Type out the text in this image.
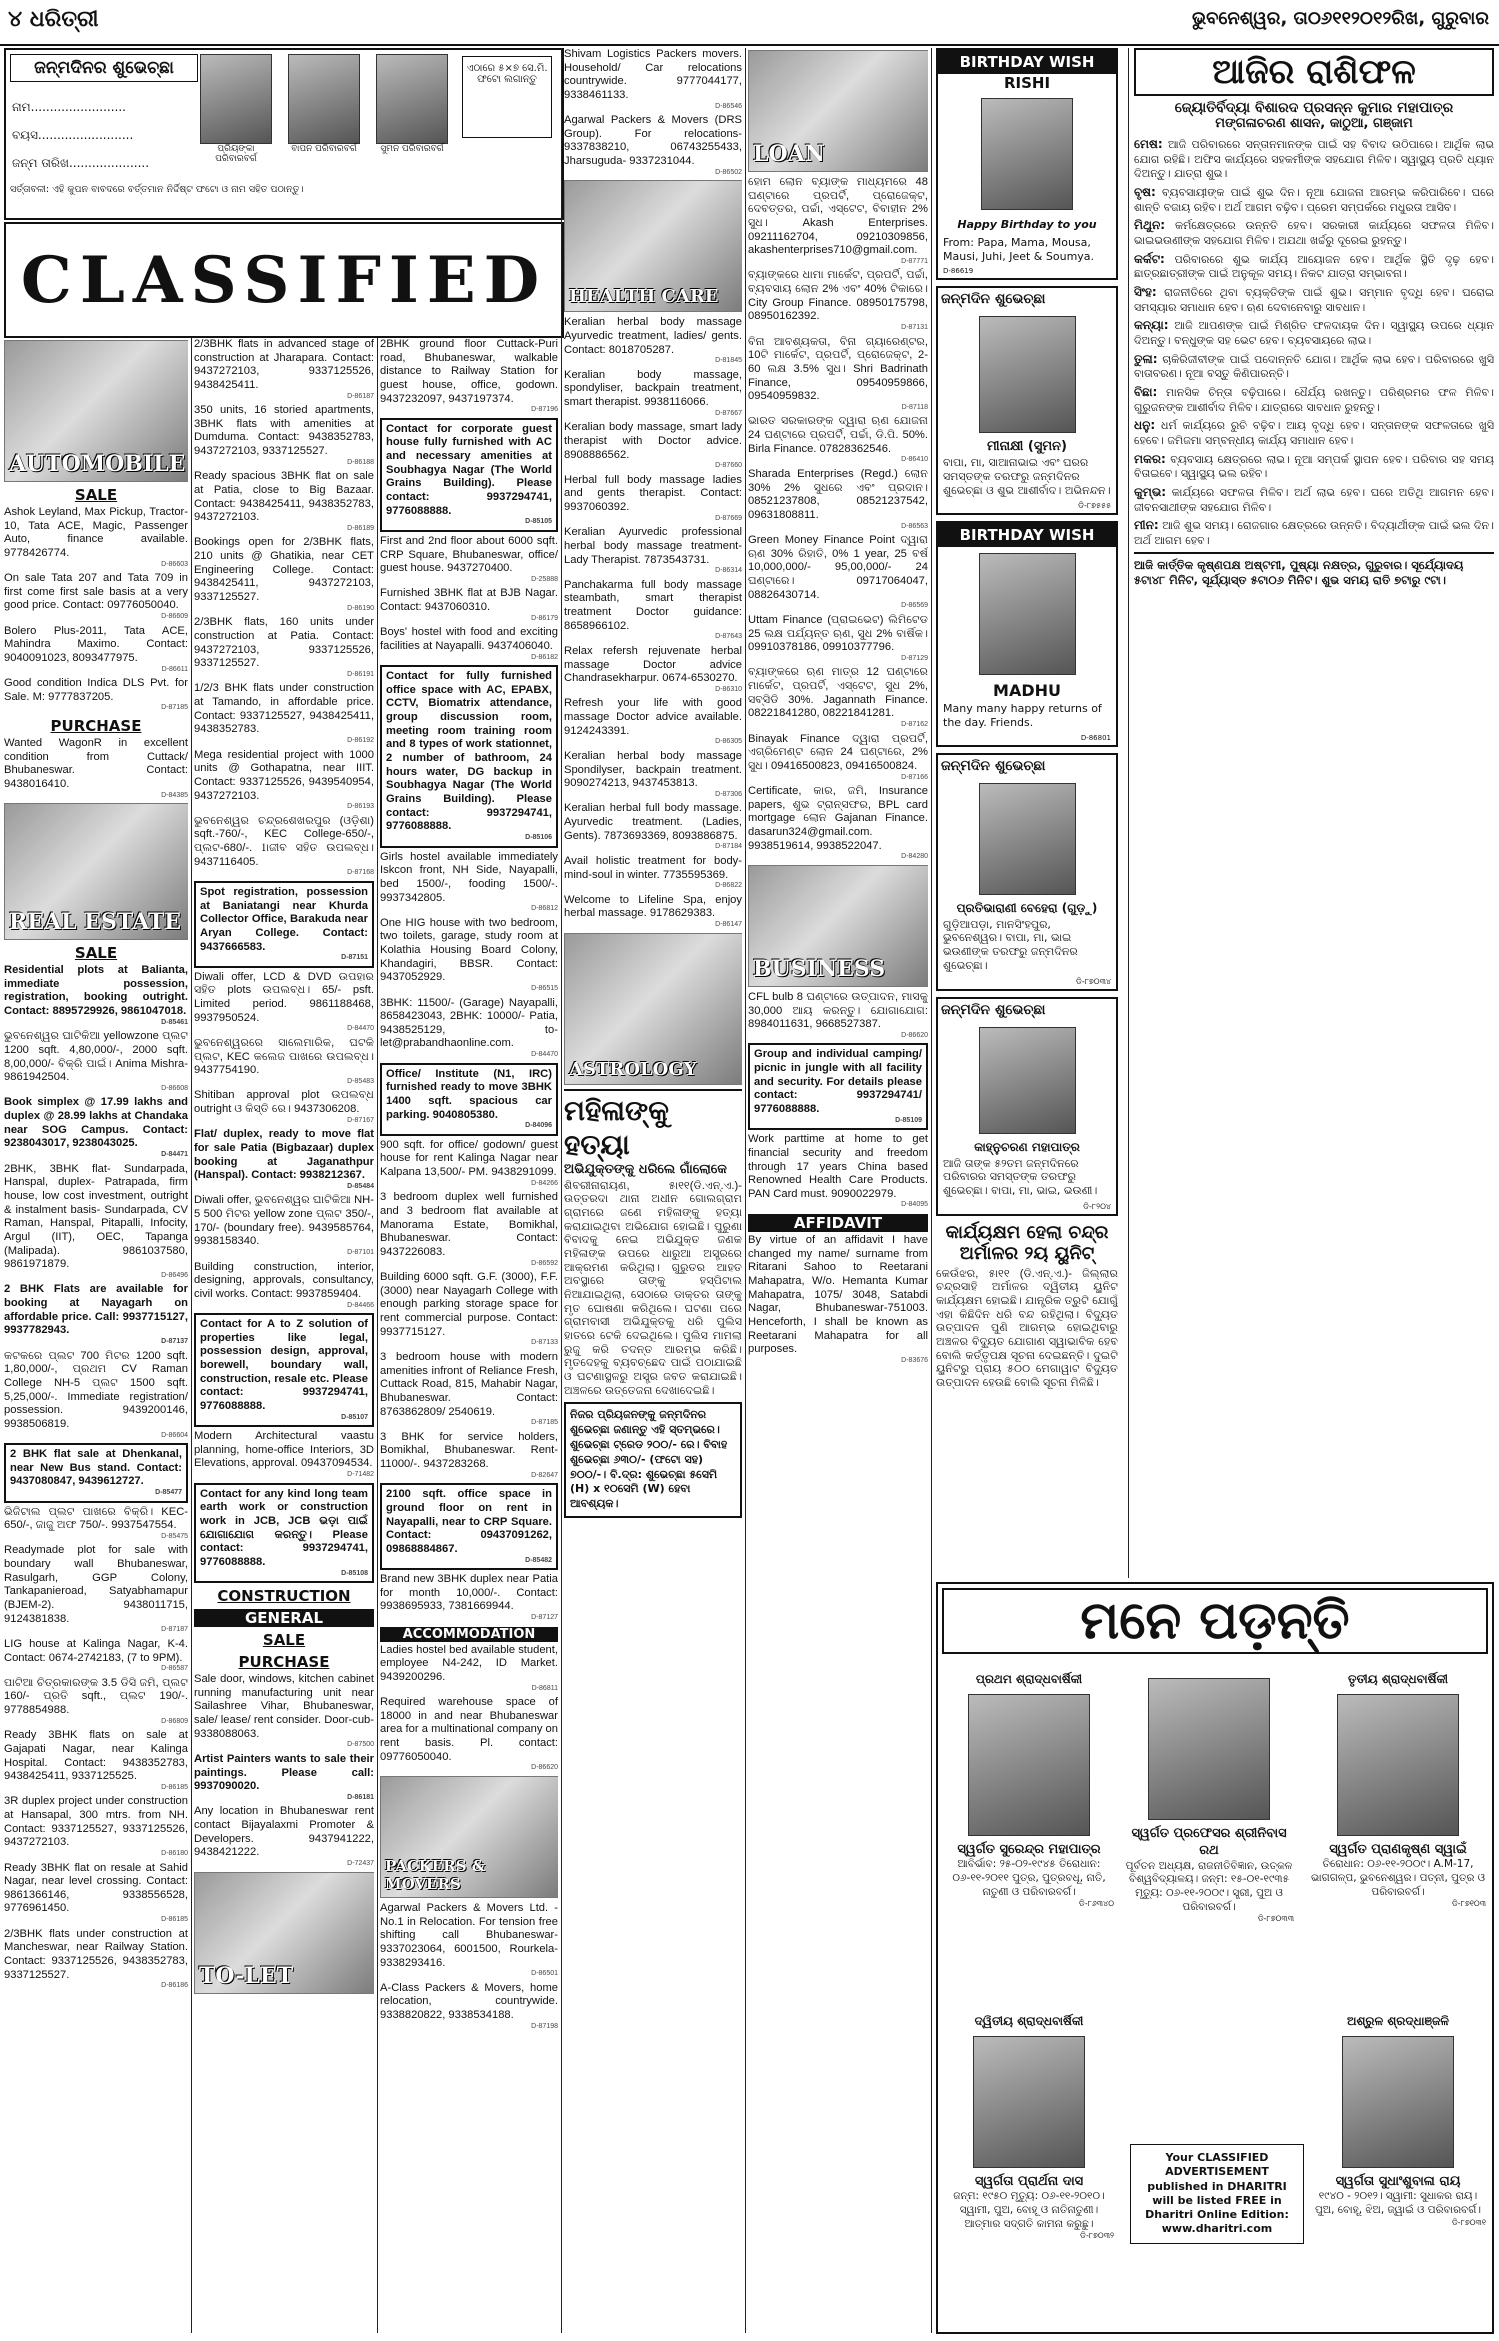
୪ ଧରିତ୍ରୀ	ଭୁବନେଶ୍ୱର, ତା୦୬୧୧୨୦୧୨ରିଖ, ଗୁରୁବାର
ଜନ୍ମଦିନର ଶୁଭେଚ୍ଛା
ନାମ.........................
ବୟସ.........................
ଜନ୍ମ ତାରିଖ.....................
ପ୍ରିୟଙ୍କା ପରିବାରବର୍ଗ
ବାପନ ପରିବାରବର୍ଗ	ସୁମନ ପରିବାରବର୍ଗ
ଏଠାରେ ୫×୭ ସେ.ମି. ଫଟୋ ଲଗାନ୍ତୁ
ସର୍ତ୍ତାବଳୀ: ଏହି କୁପନ ବାବଦରେ ବର୍ତ୍ତମାନ ନିର୍ଦ୍ଦିଷ୍ଟ ଫଟୋ ଓ ନାମ ସହିତ ପଠାନ୍ତୁ।
CLASSIFIED
AUTOMOBILE
SALE
Ashok Leyland, Max Pickup, Tractor-10, Tata ACE, Magic, Passenger Auto, finance available. 9778426774.
D-86603
On sale Tata 207 and Tata 709 in first come first sale basis at a very good price. Contact: 09776050040.
D-86609
Bolero Plus-2011, Tata ACE, Mahindra Maximo. Contact: 9040091023, 8093477975.
D-86611
Good condition Indica DLS Pvt. for Sale. M: 9777837205.
D-87185
PURCHASE
Wanted WagonR in excellent condition from Cuttack/ Bhubaneswar. Contact: 9438016410.
D-84385
REAL ESTATE
SALE
Residential plots at Balianta, immediate possession, registration, booking outright. Contact: 8895729926, 9861047018.
D-85461
ଭୁବନେଶ୍ୱର ଘାଟିକିଆ yellowzone ପ୍ଲଟ 1200 sqft. 4,80,000/-, 2000 sqft. 8,00,000/- ବିକ୍ରି ପାଇଁ। Anima Mishra- 9861942504.
D-86608
Book simplex @ 17.99 lakhs and duplex @ 28.99 lakhs at Chandaka near SOG Campus. Contact: 9238043017, 9238043025.
D-84471
2BHK, 3BHK flat- Sundarpada, Hanspal, duplex- Patrapada, firm house, low cost investment, outright & instalment basis- Sundarpada, CV Raman, Hanspal, Pitapalli, Infocity, Argul (IIT), OEC, Tapanga (Malipada). 9861037580, 9861971879.
D-86496
2 BHK Flats are available for booking at Nayagarh on affordable price. Call: 9937715127, 9937782943.
D-87137
କଟକରେ ପ୍ଲଟ 700 ମିଟର 1200 sqft. 1,80,000/-, ପ୍ରଥମ CV Raman College NH-5 ପ୍ଲଟ 1500 sqft. 5,25,000/-. Immediate registration/ possession. 9439200146, 9938506819.
D-86604
2 BHK flat sale at Dhenkanal, near New Bus stand. Contact: 9437080847, 9439612727.
D-85477
ଭିଜିଟାଲ ପ୍ଲଟ ପାଖରେ ବିକ୍ରି। KEC-650/-, ଜାଜୁ ଅଫ 750/-. 9937547554.
D-85475
Readymade plot for sale with boundary wall Bhubaneswar, Rasulgarh, GGP Colony, Tankapanieroad, Satyabhamapur (BJEM-2). 9438011715, 9124381838.
D-87187
LIG house at Kalinga Nagar, K-4. Contact: 0674-2742183, (7 to 9PM).
D-86587
ପାଟିଆ ଚିତ୍ରକାରଙ୍କ 3.5 ଡିସି ଜମି, ପ୍ଲଟ 160/- ପ୍ରତି sqft., ପ୍ଲଟ 190/-. 9778854988.
D-86809
Ready 3BHK flats on sale at Gajapati Nagar, near Kalinga Hospital. Contact: 9438352783, 9438425411, 9337125525.
D-86185
3R duplex project under construction at Hansapal, 300 mtrs. from NH. Contact: 9337125527, 9337125526, 9437272103.
D-86180
Ready 3BHK flat on resale at Sahid Nagar, near level crossing. Contact: 9861366146, 9338556528, 9776961450.
D-86185
2/3BHK flats under construction at Mancheswar, near Railway Station. Contact: 9337125526, 9438352783, 9337125527.
D-86186
2/3BHK flats in advanced stage of construction at Jharapara. Contact: 9437272103, 9337125526, 9438425411.
D-86187
350 units, 16 storied apartments, 3BHK flats with amenities at Dumduma. Contact: 9438352783, 9437272103, 9337125527.
D-86188
Ready spacious 3BHK flat on sale at Patia, close to Big Bazaar. Contact: 9438425411, 9438352783, 9437272103.
D-86189
Bookings open for 2/3BHK flats, 210 units @ Ghatikia, near CET Engineering College. Contact: 9438425411, 9437272103, 9337125527.
D-86190
2/3BHK flats, 160 units under construction at Patia. Contact: 9437272103, 9337125526, 9337125527.
D-86191
1/2/3 BHK flats under construction at Tamando, in affordable price. Contact: 9337125527, 9438425411, 9438352783.
D-86192
Mega residential project with 1000 units @ Gothapatna, near IIIT. Contact: 9337125526, 9439540954, 9437272103.
D-86193
ଭୁବନେଶ୍ୱର ଚନ୍ଦ୍ରଶେଖରପୁର (ଓଡ଼ିଶା) sqft.-760/-, KEC College-650/-, ପ୍ଲଟ-680/-. 1ାଜୀବ ସହିତ ଉପଲବ୍ଧ। 9437116405.
D-87168
Spot registration, possession at Baniatangi near Khurda Collector Office, Barakuda near Aryan College. Contact: 9437666583.
D-87151
Diwali offer, LCD & DVD ଉପହାର ସହିତ plots ଉପଲବ୍ଧ। 65/- psft. Limited period. 9861188468, 9937950524.
D-84470
ଭୁବନେଶ୍ୱରରେ ସାଲେମାରିକ, ଘଟକି ପ୍ଲଟ, KEC କଲେଜ ପାଖରେ ଉପଲବ୍ଧ। 9437754190.
D-85483
Shitiban approval plot ଉପଲବ୍ଧ outright ଓ କିସ୍ତି ରେ। 9437306208.
D-87167
Flat/ duplex, ready to move flat for sale Patia (Bigbazaar) duplex booking at Jaganathpur (Hanspal). Contact: 9938212367.
D-85484
Diwali offer, ଭୁବନେଶ୍ୱର ଘାଟିକିଆ NH-5 500 ମିଟର yellow zone ପ୍ଲଟ 350/-, 170/- (boundary free). 9439585764, 9938158340.
D-87101
Building construction, interior, designing, approvals, consultancy, civil works. Contact: 9937859404.
D-84466
Contact for A to Z solution of properties like legal, possession design, approval, borewell, boundary wall, construction, resale etc. Please contact: 9937294741, 9776088888.
D-85107
Modern Architectural vaastu planning, home-office Interiors, 3D Elevations, approval. 09437094534.
D-71482
Contact for any kind long team earth work or construction work in JCB, JCB ଭଡ଼ା ପାଇଁ ଯୋଗାଯୋଗ କରନ୍ତୁ। Please contact: 9937294741, 9776088888.
D-85108
CONSTRUCTION
GENERAL
SALE
PURCHASE
Sale door, windows, kitchen cabinet running manufacturing unit near Sailashree Vihar, Bhubaneswar, sale/ lease/ rent consider. Door-cub-9338088063.
D-87500
Artist Painters wants to sale their paintings. Please call: 9937090020.
D-86181
Any location in Bhubaneswar rent contact Bijayalaxmi Promoter & Developers. 9437941222, 9438421222.
D-72437
TO-LET
2BHK ground floor Cuttack-Puri road, Bhubaneswar, walkable distance to Railway Station for guest house, office, godown. 9437232097, 9437197374.
D-87196
Contact for corporate guest house fully furnished with AC and necessary amenities at Soubhagya Nagar (The World Grains Building). Please contact: 9937294741, 9776088888.
D-85105
First and 2nd floor about 6000 sqft. CRP Square, Bhubaneswar, office/ guest house. 9437270400.
D-25888
Furnished 3BHK flat at BJB Nagar. Contact: 9437060310.
D-86179
Boys' hostel with food and exciting facilities at Nayapalli. 9437406040.
D-86182
Contact for fully furnished office space with AC, EPABX, CCTV, Biomatrix attendance, group discussion room, meeting room training room and 8 types of work stationnet, 2 number of bathroom, 24 hours water, DG backup in Soubhagya Nagar (The World Grains Building). Please contact: 9937294741, 9776088888.
D-85106
Girls hostel available immediately Iskcon front, NH Side, Nayapalli, bed 1500/-, fooding 1500/-. 9937342805.
D-86812
One HIG house with two bedroom, two toilets, garage, study room at Kolathia Housing Board Colony, Khandagiri, BBSR. Contact: 9437052929.
D-86515
3BHK: 11500/- (Garage) Nayapalli, 8658423043, 2BHK: 10000/- Patia, 9438525129, to-let@prabandhaonline.com.
D-84470
Office/ Institute (N1, IRC) furnished ready to move 3BHK 1400 sqft. spacious car parking. 9040805380.
D-84096
900 sqft. for office/ godown/ guest house for rent Kalinga Nagar near Kalpana 13,500/- PM. 9438291099.
D-84266
3 bedroom duplex well furnished and 3 bedroom flat available at Manorama Estate, Bomikhal, Bhubaneswar. Contact: 9437226083.
D-86592
Building 6000 sqft. G.F. (3000), F.F. (3000) near Nayagarh College with enough parking storage space for rent commercial purpose. Contact: 9937715127.
D-87133
3 bedroom house with modern amenities infront of Reliance Fresh, Cuttack Road, 815, Mahabir Nagar, Bhubaneswar. Contact: 8763862809/ 2540619.
D-87185
3 BHK for service holders, Bomikhal, Bhubaneswar. Rent-11000/-. 9437283268.
D-82647
2100 sqft. office space in ground floor on rent in Nayapalli, near to CRP Square. Contact: 09437091262, 09868884867.
D-85482
Brand new 3BHK duplex near Patia for month 10,000/-. Contact: 9938695933, 7381669944.
D-87127
ACCOMMODATION
Ladies hostel bed available student, employee N4-242, ID Market. 9439200296.
D-86811
Required warehouse space of 18000 in and near Bhubaneswar area for a multinational company on rent basis. Pl. contact: 09776050040.
D-86620
PACKERS & MOVERS
Agarwal Packers & Movers Ltd. - No.1 in Relocation. For tension free shifting call Bhubaneswar- 9337023064, 6001500, Rourkela-9338293416.
D-86501
A-Class Packers & Movers, home relocation, countrywide. 9338820822, 9338534188.
D-87198
Shivam Logistics Packers movers. Household/ Car relocations countrywide. 9777044177, 9338461133.
D-86546
Agarwal Packers & Movers (DRS Group). For relocations- 9337838210, 06743255433, Jharsuguda- 9337231044.
D-86502
HEALTH CARE
Keralian herbal body massage Ayurvedic treatment, ladies/ gents. Contact: 8018705287.
D-81845
Keralian body massage, spondyliser, backpain treatment, smart therapist. 9938116066.
D-87667
Keralian body massage, smart lady therapist with Doctor advice. 8908886562.
D-87660
Herbal full body massage ladies and gents therapist. Contact: 9937060392.
D-87669
Keralian Ayurvedic professional herbal body massage treatment- Lady Therapist. 7873543731.
D-86314
Panchakarma full body massage steambath, smart therapist treatment Doctor guidance: 8658966102.
D-87643
Relax refersh rejuvenate herbal massage Doctor advice Chandrasekharpur. 0674-6530270.
D-86310
Refresh your life with good massage Doctor advice available. 9124243391.
D-86305
Keralian herbal body massage Spondilyser, backpain treatment. 9090274213, 9437453813.
D-87306
Keralian herbal full body massage. Ayurvedic treatment. (Ladies, Gents). 7873693369, 8093886875.
D-87184
Avail holistic treatment for body-mind-soul in winter. 7735595369.
D-86822
Welcome to Lifeline Spa, enjoy herbal massage. 9178629383.
D-86147
ASTROLOGY
ମହିଳାଙ୍କୁ ହତ୍ୟା
ଅଭିଯୁକ୍ତଙ୍କୁ ଧରିଲେ ଗାଁଲୋକେ
ଶିବରୀନାରାୟଣ, ୫ା୧୧(ଡି.ଏନ୍.ଏ.)- ଉତ୍ତରଦା ଥାନା ଅଧୀନ ଗୋଲଗ୍ରାମ ଗ୍ରାମରେ ଜଣେ ମହିଳାଙ୍କୁ ହତ୍ୟା କରାଯାଇଥିବା ଅଭିଯୋଗ ହୋଇଛି। ପୁରୁଣା ବିବାଦକୁ ନେଇ ଅଭିଯୁକ୍ତ ଜଣକ ମହିଳାଙ୍କ ଉପରେ ଧାରୁଆ ଅସ୍ତ୍ରରେ ଆକ୍ରମଣ କରିଥିଲା। ଗୁରୁତର ଆହତ ଅବସ୍ଥାରେ ତାଙ୍କୁ ହସ୍ପିଟାଲ ନିଆଯାଇଥିଲା, ସେଠାରେ ଡାକ୍ତର ତାଙ୍କୁ ମୃତ ଘୋଷଣା କରିଥିଲେ। ଘଟଣା ପରେ ଗ୍ରାମବାସୀ ଅଭିଯୁକ୍ତକୁ ଧରି ପୁଲିସ ହାତରେ ଟେକି ଦେଇଥିଲେ। ପୁଲିସ ମାମଲା ରୁଜୁ କରି ତଦନ୍ତ ଆରମ୍ଭ କରିଛି। ମୃତଦେହକୁ ବ୍ୟବଚ୍ଛେଦ ପାଇଁ ପଠାଯାଇଛି ଓ ଘଟଣାସ୍ଥଳରୁ ଅସ୍ତ୍ର ଜବତ କରାଯାଇଛି। ଅଞ୍ଚଳରେ ଉତ୍ତେଜନା ଦେଖାଦେଇଛି।
ନିଜର ପ୍ରିୟଜନଙ୍କୁ ଜନ୍ମଦିନର ଶୁଭେଚ୍ଛା ଜଣାନ୍ତୁ ଏହି ସ୍ତମ୍ଭରେ। ଶୁଭେଚ୍ଛା ଟ୍ରେଡ ୨୦୦/- ରେ। ବିବାହ ଶୁଭେଚ୍ଛା ୬୩୦/- (ଫଟୋ ସହ) ୭୦୦/-। ବି.ଦ୍ର: ଶୁଭେଚ୍ଛା ୫ସେମି (H) x ୧୦ସେମି (W) ହେବା ଆବଶ୍ୟକ।
LOAN
ହୋମ ଲୋନ ବ୍ୟାଙ୍କ ମାଧ୍ୟମରେ 48 ଘଣ୍ଟାରେ ପ୍ରପର୍ଟି, ପ୍ରୋଜେକ୍ଟ, ଦେବତ୍ତର, ପର୍ଚ୍ଚା, ଏସ୍ଟେଟ, ବିବାହୀନ 2% ସୁଧ। Akash Enterprises. 09211162704, 09210309856, akashenterprises710@gmail.com.
D-87771
ବ୍ୟାଙ୍କରେ ଧାମା ମାର୍କେଟ, ପ୍ରପର୍ଟି, ପର୍ଚ୍ଚା, ବ୍ୟବସାୟ ଲୋନ 2% ଏବଂ 40% ଟିକାରେ। City Group Finance. 08950175798, 08950162392.
D-87131
ବିନା ଆବଶ୍ୟକତା, ବିନା ଗ୍ୟାରେଣ୍ଟର, 10ଟି ମାର୍କେଟ, ପ୍ରପର୍ଟି, ପ୍ରୋଜେକ୍ଟ, 2-60 ଲକ୍ଷ 3.5% ସୁଧ। Shri Badrinath Finance, 09540959866, 09540959832.
D-87118
ଭାରତ ସରକାରଙ୍କ ଦ୍ୱାରା ଋଣ ଯୋଜନା 24 ଘଣ୍ଟାରେ ପ୍ରପର୍ଟି, ପର୍ଚ୍ଚା, ଡି.ପି. 50%. Birla Finance. 07828362546.
D-86410
Sharada Enterprises (Regd.) ଲୋନ 30% 2% ସୁଧରେ ଏବଂ ପ୍ରଦାନ। 08521237808, 08521237542, 09631808811.
D-86563
Green Money Finance Point ଦ୍ୱାରା ଋଣ 30% ରିହାତି, 0% 1 year, 25 ବର୍ଷ 10,000,000/- 95,00,000/- 24 ଘଣ୍ଟାରେ। 09717064047, 08826430714.
D-86569
Uttam Finance (ପ୍ରାଇଭେଟ) ଲିମିଟେଡ 25 ଲକ୍ଷ ପର୍ଯ୍ୟନ୍ତ ଋଣ, ସୁଧ 2% ବାର୍ଷିକ। 09910378186, 09910377796.
D-87129
ବ୍ୟାଙ୍କରେ ଋଣ ମାତ୍ର 12 ଘଣ୍ଟାରେ ମାର୍କେଟ, ପ୍ରପର୍ଟି, ଏସ୍ଟେଟ, ସୁଧ 2%, ସବ୍‌ସିଡି 30%. Jagannath Finance. 08221841280, 08221841281.
D-87162
Binayak Finance ଦ୍ୱାରା ପ୍ରପର୍ଟି, ଏଗ୍ରିମେଣ୍ଟ ଲୋନ 24 ଘଣ୍ଟାରେ, 2% ସୁଧ। 09416500823, 09416500824.
D-87166
Certificate, କାର, ଜମି, Insurance papers, ଶୁଭ ଟ୍ରାନ୍ସଫର, BPL card mortgage ଲୋନ Gajanan Finance. dasarun324@gmail.com. 9938519614, 9938522047.
D-84280
BUSINESS
CFL bulb 8 ଘଣ୍ଟାରେ ଉତ୍ପାଦନ, ମାସକୁ 30,000 ଆୟ କରନ୍ତୁ। ଯୋଗାଯୋଗ: 8984011631, 9668527387.
D-86620
Group and individual camping/ picnic in jungle with all facility and security. For details please contact: 9937294741/ 9776088888.
D-85109
Work parttime at home to get financial security and freedom through 17 years China based Renowned Health Care Products. PAN Card must. 9090022979.
D-84095
AFFIDAVIT
By virtue of an affidavit I have changed my name/ surname from Ritarani Sahoo to Reetarani Mahapatra, W/o. Hemanta Kumar Mahapatra, 1075/ 3048, Satabdi Nagar, Bhubaneswar-751003. Henceforth, I shall be known as Reetarani Mahapatra for all purposes.
D-83676
BIRTHDAY WISH
RISHI
Happy Birthday to you
From: Papa, Mama, Mousa, Mausi, Juhi, Jeet & Soumya.
D-86619
ଜନ୍ମଦିନ ଶୁଭେଚ୍ଛା
ମୀନାକ୍ଷୀ (ସୁମନ)
ବାପା, ମା, ସାଆନାଭାଇ ଏବଂ ଘରର ସମସ୍ତଙ୍କ ତରଫରୁ ଜନ୍ମଦିନର ଶୁଭେଚ୍ଛା ଓ ଶୁଭ ଆଶୀର୍ବାଦ। ଅଭିନନ୍ଦନ।
ଡି-୮୭୫୫୫
BIRTHDAY WISH
MADHU
Many many happy returns of the day. Friends.
D-86801
ଜନ୍ମଦିନ ଶୁଭେଚ୍ଛା
ପ୍ରତିଭାରାଣୀ ବେହେରା (ଗୁଡ଼ୁ)
ଗୁଡ଼ିଆପଡ଼ା, ମାନସିଂହପୁର, ଭୁବନେଶ୍ୱର। ବାପା, ମା, ଭାଇ ଭଉଣୀଙ୍କ ତରଫରୁ ଜନ୍ମଦିନର ଶୁଭେଚ୍ଛା।
ଡି-୮୭୦୩୪
ଜନ୍ମଦିନ ଶୁଭେଚ୍ଛା
କାହ୍ନୁଚରଣ ମହାପାତ୍ର
ଆଜି ତାଙ୍କ ୫୨ତମ ଜନ୍ମଦିନରେ ପରିବାରର ସମସ୍ତଙ୍କ ତରଫରୁ ଶୁଭେଚ୍ଛା। ବାପା, ମା, ଭାଇ, ଭଉଣୀ।
ଡି-୮୨୦୪
କାର୍ଯ୍ୟକ୍ଷମ ହେଲା ଚନ୍ଦ୍ର ଅର୍ମାଳର ୨ୟ ୟୁନିଟ୍
କେଉଁଝର, ୫ା୧୧ (ଡି.ଏନ୍.ଏ.)- ଜିଲ୍ଲାର ଚନ୍ଦ୍ରସାହି ଅର୍ମାଳର ଦ୍ୱିତୀୟ ୟୁନିଟ କାର୍ଯ୍ୟକ୍ଷମ ହୋଇଛି। ଯାନ୍ତ୍ରିକ ତ୍ରୁଟି ଯୋଗୁଁ ଏହା କିଛିଦିନ ଧରି ବନ୍ଦ ରହିଥିଲା। ବିଦ୍ୟୁତ ଉତ୍ପାଦନ ପୁଣି ଆରମ୍ଭ ହୋଇଥିବାରୁ ଅଞ୍ଚଳର ବିଦ୍ୟୁତ ଯୋଗାଣ ସ୍ୱାଭାବିକ ହେବ ବୋଲି କର୍ତ୍ତୃପକ୍ଷ ସୂଚନା ଦେଇଛନ୍ତି। ଦୁଇଟି ୟୁନିଟରୁ ପ୍ରାୟ ୫୦୦ ମେଗାୱାଟ ବିଦ୍ୟୁତ ଉତ୍ପାଦନ ହେଉଛି ବୋଲି ସୂଚନା ମିଳିଛି।
ଆଜିର ରାଶିଫଳ
ଜ୍ୟୋତିର୍ବିଦ୍ୟା ବିଶାରଦ ପ୍ରସନ୍ନ କୁମାର ମହାପାତ୍ର
ମଙ୍ଗଳାଚରଣ ଶାସନ, କାଠୁଆ, ଗଞ୍ଜାମ

ମେଷ: ଆଜି ପରିବାରରେ ସନ୍ତାନମାନଙ୍କ ପାଇଁ ସହ ବିବାଦ ଉଠିପାରେ। ଆର୍ଥିକ ଲାଭ ଯୋଗ ରହିଛି। ଅଫିସ କାର୍ଯ୍ୟରେ ସହକର୍ମୀଙ୍କ ସହଯୋଗ ମିଳିବ। ସ୍ୱାସ୍ଥ୍ୟ ପ୍ରତି ଧ୍ୟାନ ଦିଅନ୍ତୁ। ଯାତ୍ରା ଶୁଭ।

ବୃଷ: ବ୍ୟବସାୟୀଙ୍କ ପାଇଁ ଶୁଭ ଦିନ। ନୂଆ ଯୋଜନା ଆରମ୍ଭ କରିପାରିବେ। ଘରେ ଶାନ୍ତି ବଜାୟ ରହିବ। ଅର୍ଥ ଆଗମ ବଢ଼ିବ। ପ୍ରେମ ସମ୍ପର୍କରେ ମଧୁରତା ଆସିବ।

ମିଥୁନ: କର୍ମକ୍ଷେତ୍ରରେ ଉନ୍ନତି ହେବ। ସରକାରୀ କାର୍ଯ୍ୟରେ ସଫଳତା ମିଳିବ। ଭାଇଭଉଣୀଙ୍କ ସହଯୋଗ ମିଳିବ। ଅଯଥା ଖର୍ଚ୍ଚରୁ ଦୂରେଇ ରୁହନ୍ତୁ।

କର୍କଟ: ପରିବାରରେ ଶୁଭ କାର୍ଯ୍ୟ ଆୟୋଜନ ହେବ। ଆର୍ଥିକ ସ୍ଥିତି ଦୃଢ଼ ହେବ। ଛାତ୍ରଛାତ୍ରୀଙ୍କ ପାଇଁ ଅନୁକୂଳ ସମୟ। ନିକଟ ଯାତ୍ରା ସମ୍ଭାବନା।

ସିଂହ: ରାଜନୀତିରେ ଥିବା ବ୍ୟକ୍ତିଙ୍କ ପାଇଁ ଶୁଭ। ସମ୍ମାନ ବୃଦ୍ଧି ହେବ। ଘରୋଇ ସମସ୍ୟାର ସମାଧାନ ହେବ। ଋଣ ଦେବାନେବାରୁ ସାବଧାନ।

କନ୍ୟା: ଆଜି ଆପଣଙ୍କ ପାଇଁ ମିଶ୍ରିତ ଫଳଦାୟକ ଦିନ। ସ୍ୱାସ୍ଥ୍ୟ ଉପରେ ଧ୍ୟାନ ଦିଅନ୍ତୁ। ବନ୍ଧୁଙ୍କ ସହ ଭେଟ ହେବ। ବ୍ୟବସାୟରେ ଲାଭ।

ତୁଳା: ଚାକିରିଜୀବୀଙ୍କ ପାଇଁ ପଦୋନ୍ନତି ଯୋଗ। ଆର୍ଥିକ ଲାଭ ହେବ। ପରିବାରରେ ଖୁସି ବାତାବରଣ। ନୂଆ ବସ୍ତୁ କିଣିପାରନ୍ତି।

ବିଛା: ମାନସିକ ଚିନ୍ତା ବଢ଼ିପାରେ। ଧୈର୍ଯ୍ୟ ରଖନ୍ତୁ। ପରିଶ୍ରମର ଫଳ ମିଳିବ। ଗୁରୁଜନଙ୍କ ଆଶୀର୍ବାଦ ମିଳିବ। ଯାତ୍ରାରେ ସାବଧାନ ରୁହନ୍ତୁ।

ଧନୁ: ଧର୍ମ କାର୍ଯ୍ୟରେ ରୁଚି ବଢ଼ିବ। ଆୟ ବୃଦ୍ଧି ହେବ। ସନ୍ତାନଙ୍କ ସଫଳତାରେ ଖୁସି ହେବେ। ଜମିଜମା ସମ୍ବନ୍ଧୀୟ କାର୍ଯ୍ୟ ସମାଧାନ ହେବ।

ମକର: ବ୍ୟବସାୟ କ୍ଷେତ୍ରରେ ଲାଭ। ନୂଆ ସମ୍ପର୍କ ସ୍ଥାପନ ହେବ। ପରିବାର ସହ ସମୟ ବିତାଇବେ। ସ୍ୱାସ୍ଥ୍ୟ ଭଲ ରହିବ।

କୁମ୍ଭ: କାର୍ଯ୍ୟରେ ସଫଳତା ମିଳିବ। ଅର୍ଥ ଲାଭ ହେବ। ଘରେ ଅତିଥି ଆଗମନ ହେବ। ଜୀବନସାଥୀଙ୍କ ସହଯୋଗ ମିଳିବ।

ମୀନ: ଆଜି ଶୁଭ ସମୟ। ରୋଜଗାର କ୍ଷେତ୍ରରେ ଉନ୍ନତି। ବିଦ୍ୟାର୍ଥୀଙ୍କ ପାଇଁ ଭଲ ଦିନ। ଅର୍ଥ ଆଗମ ହେବ।

ଆଜି କାର୍ତ୍ତିକ କୃଷ୍ଣପକ୍ଷ ଅଷ୍ଟମୀ, ପୁଷ୍ୟା ନକ୍ଷତ୍ର, ଗୁରୁବାର। ସୂର୍ଯ୍ୟୋଦୟ ୫ଟା୪୮ ମିନିଟ, ସୂର୍ଯ୍ୟାସ୍ତ ୫ଟା୦୬ ମିନିଟ। ଶୁଭ ସମୟ ରାତି ୭ଟାରୁ ୯ଟା।
ମନେ ପଡ଼ନ୍ତି
ପ୍ରଥମ ଶ୍ରାଦ୍ଧବାର୍ଷିକୀ
ସ୍ୱର୍ଗତ ସୁରେନ୍ଦ୍ର ମହାପାତ୍ର
ଆବିର୍ଭାବ: ୨୫-୦୨-୧୯୪୫ ତିରୋଧାନ: ୦୬-୧୧-୨୦୧୧ ପୁତ୍ର, ପୁତ୍ରବଧୂ, ନାତି, ନାତୁଣୀ ଓ ପରିବାରବର୍ଗ।
ଡି-୮୬୩୪୦
ସ୍ୱର୍ଗତ ପ୍ରଫେସର ଶ୍ରୀନିବାସ ରଥ
ପୂର୍ବତନ ଅଧ୍ୟକ୍ଷ, ରାଜନୀତିବିଜ୍ଞାନ, ଉତ୍କଳ ବିଶ୍ୱବିଦ୍ୟାଳୟ। ଜନ୍ମ: ୧୫-୦୧-୧୯୩୫ ମୃତ୍ୟୁ: ୦୬-୧୧-୨୦୦୯। ସ୍ତ୍ରୀ, ପୁଅ ଓ ପରିବାରବର୍ଗ।
ଡି-୮୭୦୩୩
ତୃତୀୟ ଶ୍ରାଦ୍ଧବାର୍ଷିକୀ
ସ୍ୱର୍ଗତ ପ୍ରାଣକୃଷ୍ଣ ସ୍ୱାଇଁ
ତିରୋଧାନ: ୦୬-୧୧-୨୦୦୯। A.M-17, ଭାଗଗଳ୍ପ, ଭୁବନେଶ୍ୱର। ପତ୍ନୀ, ପୁତ୍ର ଓ ପରିବାରବର୍ଗ।
ଡି-୮୭୧୦୩
ଦ୍ୱିତୀୟ ଶ୍ରାଦ୍ଧବାର୍ଷିକୀ
ସ୍ୱର୍ଗତା ପ୍ରାର୍ଥନା ଦାସ
ଜନ୍ମ: ୧୯୫୦ ମୃତ୍ୟୁ: ୦୬-୧୧-୨୦୧୦। ସ୍ୱାମୀ, ପୁଅ, ବୋହୂ ଓ ନାତିନାତୁଣୀ। ଆତ୍ମାର ସଦ୍‌ଗତି କାମନା କରୁଛୁ।
ଡି-୮୭୦୩୨
Your CLASSIFIED ADVERTISEMENT published in DHARITRI will be listed FREE in Dharitri Online Edition: www.dharitri.com
ଅଶ୍ରୁଳ ଶ୍ରଦ୍ଧାଞ୍ଜଳି
ସ୍ୱର୍ଗତା ସୁଧାଂଶୁବାଳା ରାୟ
୧୯୪୦ - ୨୦୧୨। ସ୍ୱାମୀ: ସୁଧାକର ରାୟ। ପୁଅ, ବୋହୂ, ଝିଅ, ଜ୍ୱାଇଁ ଓ ପରିବାରବର୍ଗ।
ଡି-୮୭୦୩୧
